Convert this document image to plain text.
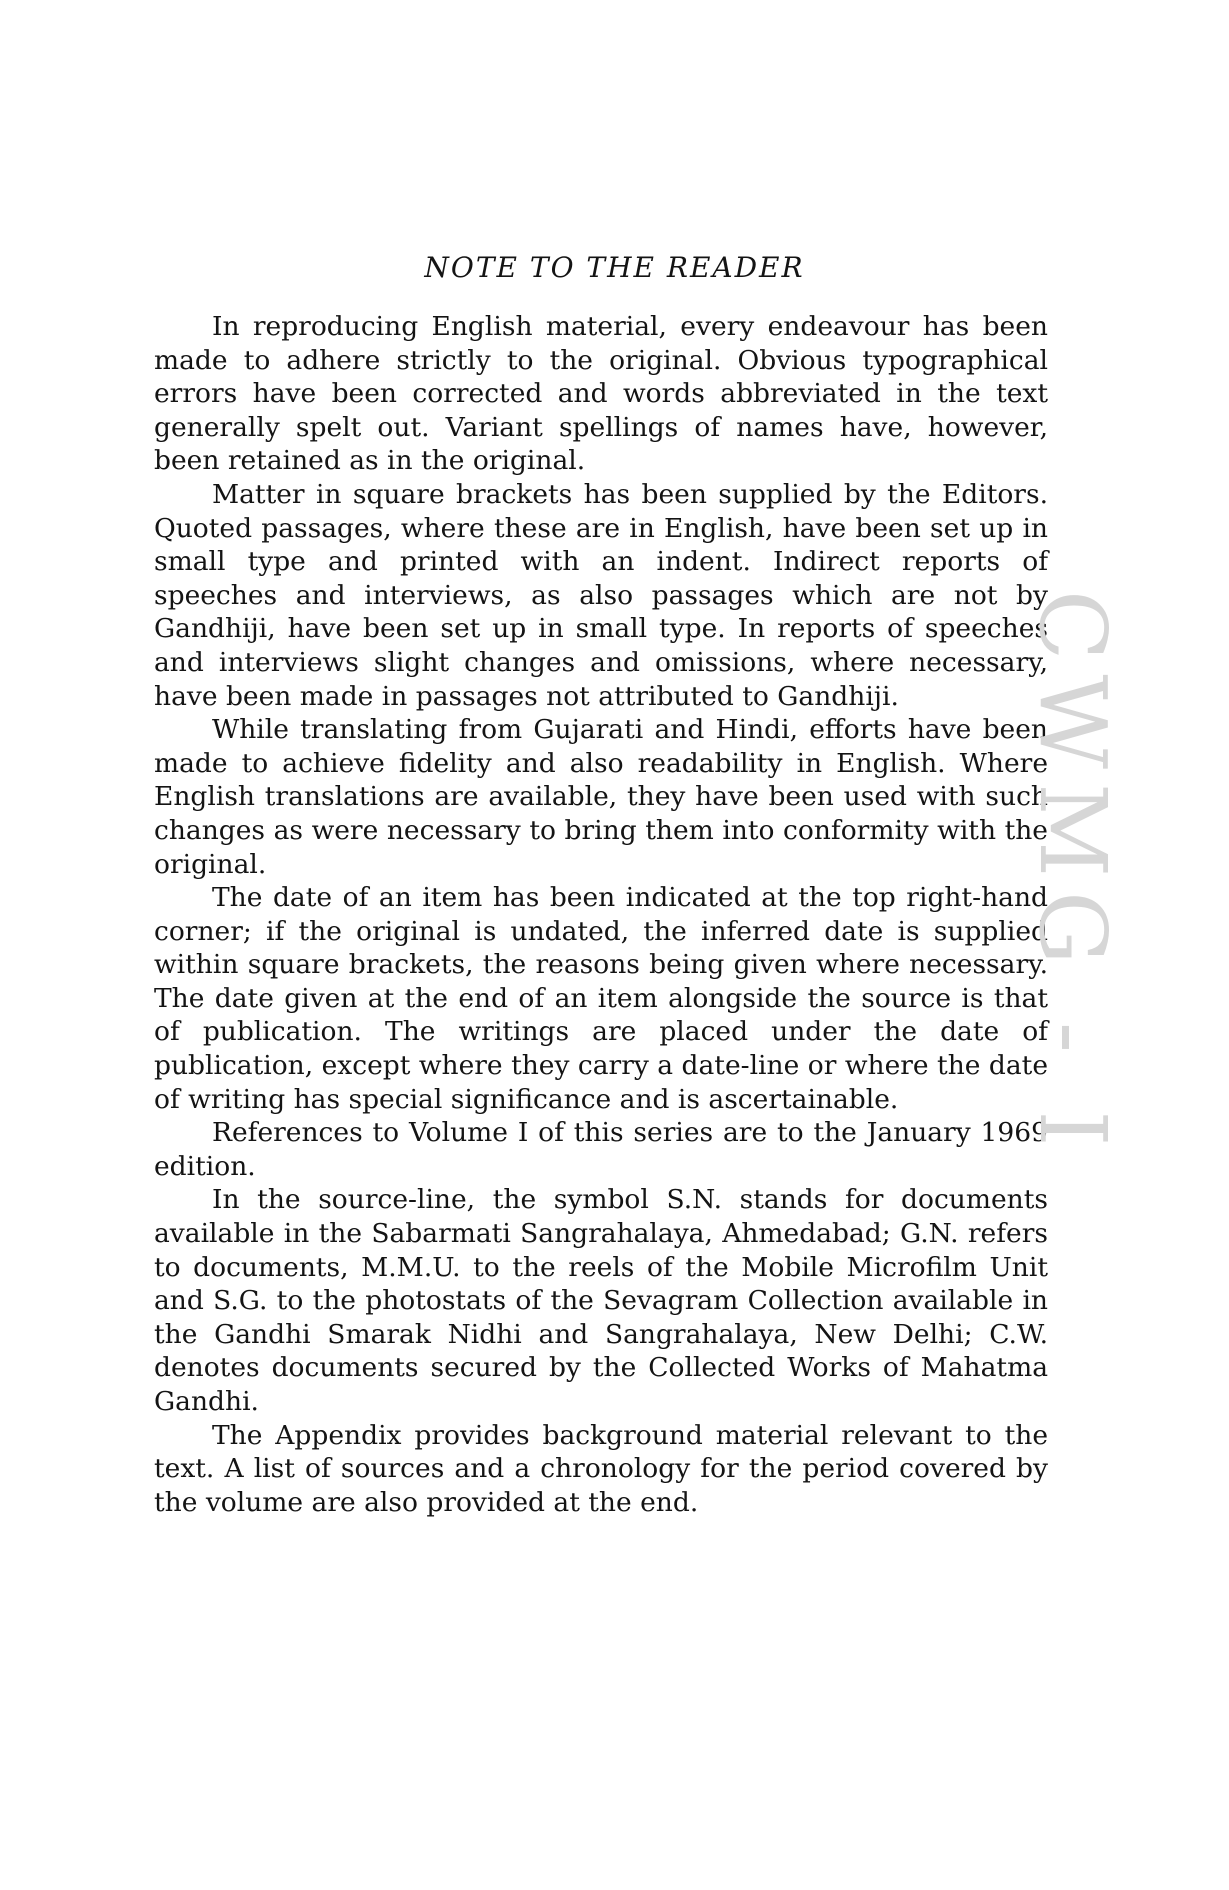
NOTE TO THE READER

In reproducing English material, every endeavour has been made to adhere strictly to the original. Obvious typographical errors have been corrected and words abbreviated in the text generally spelt out. Variant spellings of names have, however, been retained as in the original.

Matter in square brackets has been supplied by the Editors. Quoted passages, where these are in English, have been set up in small type and printed with an indent. Indirect reports of speeches and interviews, as also passages which are not by Gandhiji, have been set up in small type. In reports of speeches and interviews slight changes and omissions, where necessary, have been made in passages not attributed to Gandhiji.

While translating from Gujarati and Hindi, efforts have been made to achieve fidelity and also readability in English. Where English translations are available, they have been used with such changes as were necessary to bring them into conformity with the original.

The date of an item has been indicated at the top right-hand corner; if the original is undated, the inferred date is supplied within square brackets, the reasons being given where necessary. The date given at the end of an item alongside the source is that of publication. The writings are placed under the date of publication, except where they carry a date-line or where the date of writing has special significance and is ascertainable.

References to Volume I of this series are to the January 1969 edition.

In the source-line, the symbol S.N. stands for documents available in the Sabarmati Sangrahalaya, Ahmedabad; G.N. refers to documents, M.M.U. to the reels of the Mobile Microfilm Unit and S.G. to the photostats of the Sevagram Collection available in the Gandhi Smarak Nidhi and Sangrahalaya, New Delhi; C.W. denotes documents secured by the Collected Works of Mahatma Gandhi.

The Appendix provides background material relevant to the text. A list of sources and a chronology for the period covered by the volume are also provided at the end.

CWMG - I
